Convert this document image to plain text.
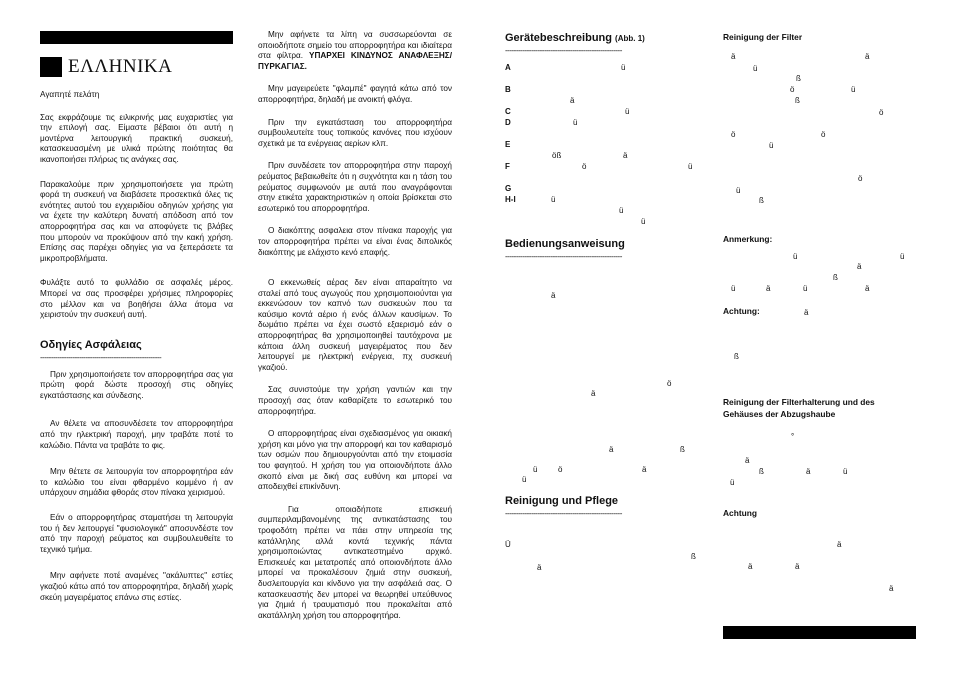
ΕΛΛΗΝΙΚΑ

Αγαπητέ πελάτη

Σας εκφράζουμε τις ειλικρινής μας ευχαριστίες για την επιλογή σας. Είμαστε βέβαιοι ότι αυτή η μοντέρνα λειτουργική πρακτική συσκευή, κατασκευασμένη με υλικά πρώτης ποιότητας θα ικανοποιήσει πλήρως τις ανάγκες σας.

Παρακαλούμε πριν χρησιμοποιήσετε για πρώτη φορά τη συσκευή να διαβάσετε προσεκτικά όλες τις ενότητες αυτού του εγχειριδίου οδηγιών χρήσης για να έχετε την καλύτερη δυνατή απόδοση από τον απορροφητήρα σας και να αποφύγετε τις βλάβες που μπορούν να προκύψουν από την κακή χρήση. Επίσης σας παρέχει οδηγίες για να ξεπεράσετε τα μικροπροβλήματα.

Φυλάξτε αυτό το φυλλάδιο σε ασφαλές μέρος. Μπορεί να σας προσφέρει χρήσιμες πληροφορίες στο μέλλον και να βοηθήσει άλλα άτομα να χειριστούν την συσκευή αυτή.

Οδηγίες Ασφάλειας
--------------------------------------------------------

Πριν χρησιμοποιήσετε τον απορροφητήρα σας για πρώτη φορά δώστε προσοχή στις οδηγίες εγκατάστασης και σύνδεσης.

Αν θέλετε να αποσυνδέσετε τον απορροφητήρα από την ηλεκτρική παροχή, μην τραβάτε ποτέ το καλώδιο. Πάντα να τραβάτε το φις.

Μην θέτετε σε λειτουργία τον απορροφητήρα εάν το καλώδιο του είναι φθαρμένο κομμένο ή αν υπάρχουν σημάδια φθοράς στον πίνακα χειρισμού.

Εάν ο απορροφητήρας σταματήσει τη λειτουργία του ή δεν λειτουργεί "φυσιολογικά" αποσυνδέστε τον από την παροχή ρεύματος και συμβουλευθείτε το τεχνικό τμήμα.

Μην αφήνετε ποτέ αναμένες "ακάλυπτες" εστίες γκαζιού κάτω από τον απορροφητήρα, δηλαδή χωρίς σκεύη μαγειρέματος επάνω στις εστίες.

Μην αφήνετε τα λίπη να συσσωρεύονται σε οποιοδήποτε σημείο του απορροφητήρα και ιδιαίτερα στα φίλτρα. ΥΠΑΡΧΕΙ ΚΙΝΔΥΝΟΣ ΑΝΑΦΛΕΞΗΣ/ΠΥΡΚΑΓΙΑΣ.

Μην μαγειρεύετε "φλαμπέ" φαγητά κάτω από τον απορροφητήρα, δηλαδή με ανοικτή φλόγα.

Πριν την εγκατάσταση του απορροφητήρα συμβουλευτείτε τους τοπικούς κανόνες που ισχύουν σχετικά με τα ενέργειας αερίων κλπ.

Πριν συνδέσετε τον απορροφητήρα στην παροχή ρεύματος βεβαιωθείτε ότι η συχνότητα και η τάση του ρεύματος συμφωνούν με αυτά που αναγράφονται στην ετικέτα χαρακτηριστικών η οποία βρίσκεται στο εσωτερικό του απορροφητήρα.

Ο διακόπτης ασφαλεια στον πίνακα παροχής για τον απορροφητήρα πρέπει να είναι ένας διπολικός διακόπτης με ελάχιστο κενό επαφής.

Ο εκκενωθείς αέρας δεν είναι απαραίτητο να σταλεί από τους αγωγούς που χρησιμοποιούνται για εκκενώσουν τον καπνό των συσκευών που τα καύσιμο κοντά αέριο ή ενός άλλων καυσίμων. Το δωμάτιο πρέπει να έχει σωστό εξαερισμό εάν ο απορροφητήρας θα χρησιμοποιηθεί ταυτόχρονα με κάποια άλλη συσκευή μαγειρέματος που δεν λειτουργεί με ηλεκτρική ενέργεια, πχ συσκευή γκαζιού.

Σας συνιστούμε την χρήση γαντιών και την προσοχή σας όταν καθαρίζετε το εσωτερικό του απορροφητήρα.

Ο απορροφητήρας είναι σχεδιασμένος για οικιακή χρήση και μόνο για την απορροφή και τον καθαρισμό των οσμών που δημιουργούνται από την ετοιμασία του φαγητού. Η χρήση του για οποιονδήποτε άλλο σκοπό είναι με δική σας ευθύνη και μπορεί να αποδειχθεί επικίνδυνη.

Για οποιαδήποτε επισκευή συμπεριλαμβανομένης της αντικατάστασης του τροφοδότη πρέπει να πάει στην υπηρεσία της κατάλληλης αλλά κοντά τεχνικής πάντα χρησιμοποιώντας αντικατεστημένο αρχικό. Επισκευές και μετατροπές από οποιονδήποτε άλλο μπορεί να προκαλέσουν ζημιά στην συσκευή, δυσλειτουργία και κίνδυνο για την ασφάλειά σας. Ο κατασκευαστής δεν μπορεί να θεωρηθεί υπεύθυνος για ζημιά ή τραυματισμό που προκαλείται από ακατάλληλη χρήση του απορροφητήρα.

Gerätebeschreibung (Abb. 1)
------------------------------------------------------
A	ü
B
ä
C	ü
D	ü
E
öß	ä
F	ö	ü
G
H-I	ü
ü
ü
Bedienungsanweisung
------------------------------------------------------
ä
ö
ä
ä	ß
ä
ü	ö
ü
Reinigung und Pflege
------------------------------------------------------
Ü
ß
ä
Reinigung der Filter
ä	ä
ü
ß
ö	ü
ß
ö
ö	ö
ü
ö
ü
ß
Anmerkung:
ü	ü
ä
ß
ü	ä	ü	ä
Achtung:	ä
ß
Reinigung der Filterhalterung und des Gehäuses der Abzugshaube
°
ä
ß	ä	ü
ü
Achtung
ä
ä	ä
ä
